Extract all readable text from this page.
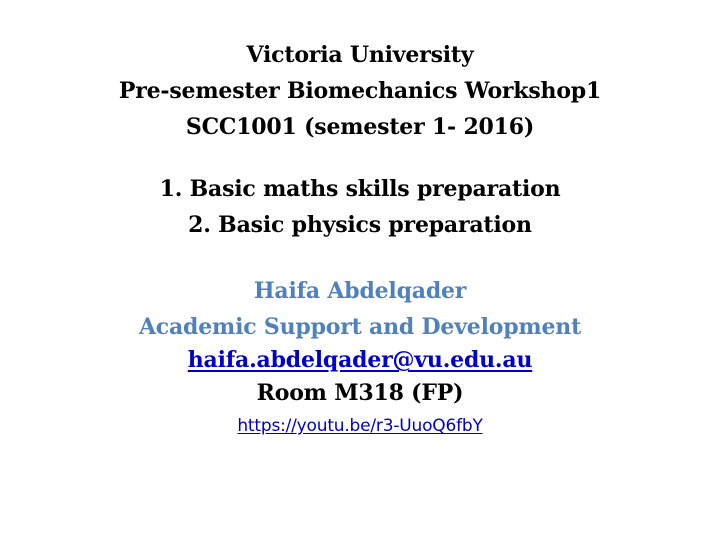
Victoria University
Pre-semester Biomechanics Workshop1
SCC1001 (semester 1- 2016)
1. Basic maths skills preparation
2. Basic physics preparation
Haifa Abdelqader
Academic Support and Development
haifa.abdelqader@vu.edu.au
Room M318 (FP)
https://youtu.be/r3-UuoQ6fbY
